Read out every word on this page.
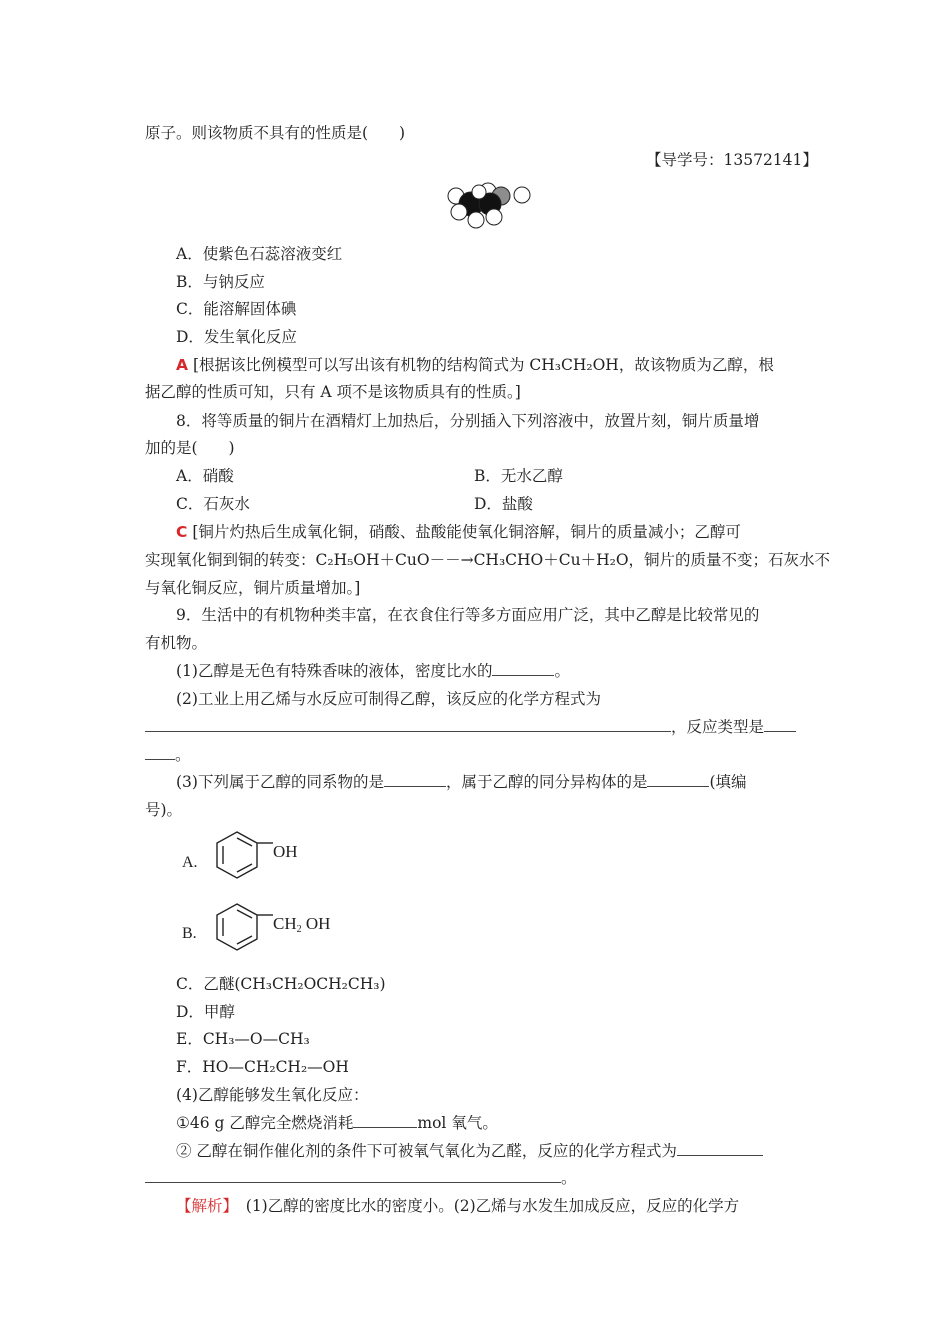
原子。则该物质不具有的性质是(　　)
【导学号：13572141】
A．使紫色石蕊溶液变红
B．与钠反应
C．能溶解固体碘
D．发生氧化反应
A [根据该比例模型可以写出该有机物的结构简式为 CH₃CH₂OH，故该物质为乙醇，根
据乙醇的性质可知，只有 A 项不是该物质具有的性质。]
8．将等质量的铜片在酒精灯上加热后，分别插入下列溶液中，放置片刻，铜片质量增
加的是(　　)
A．硝酸	B．无水乙醇
C．石灰水	D．盐酸
C [铜片灼热后生成氧化铜，硝酸、盐酸能使氧化铜溶解，铜片的质量减小；乙醇可
实现氧化铜到铜的转变：C₂H₅OH＋CuO－－→CH₃CHO＋Cu＋H₂O，铜片的质量不变；石灰水不
与氧化铜反应，铜片质量增加。]
9．生活中的有机物种类丰富，在衣食住行等多方面应用广泛，其中乙醇是比较常见的
有机物。
(1)乙醇是无色有特殊香味的液体，密度比水的	。
(2)工业上用乙烯与水反应可制得乙醇，该反应的化学方程式为
，反应类型是
。
(3)下列属于乙醇的同系物的是	，属于乙醇的同分异构体的是	(填编
号)。
A.
OH
B.
$CH_2$ OH
C．乙醚(CH₃CH₂OCH₂CH₃)
D．甲醇
E．CH₃—O—CH₃
F．HO—CH₂CH₂—OH
(4)乙醇能够发生氧化反应：
①46 g 乙醇完全燃烧消耗	mol 氧气。
② 乙醇在铜作催化剂的条件下可被氧气氧化为乙醛，反应的化学方程式为
。
【解析】　(1)乙醇的密度比水的密度小。(2)乙烯与水发生加成反应，反应的化学方
